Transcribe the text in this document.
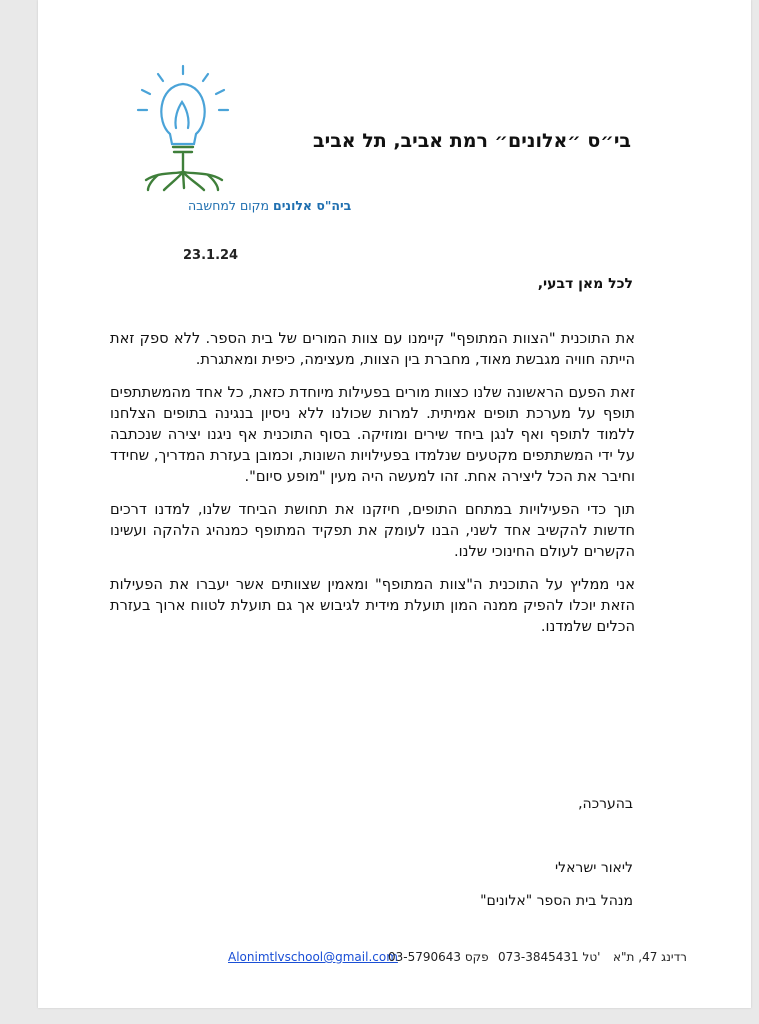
ביה"ס אלונים מקום למחשבה
בי״ס ״אלונים״ רמת אביב, תל אביב
23.1.24
לכל מאן דבעי,

את התוכנית "הצוות המתופף" קיימנו עם צוות המורים של בית הספר. ללא ספק זאת הייתה חוויה מגבשת מאוד, מחברת בין הצוות, מעצימה, כיפית ומאתגרת.

זאת הפעם הראשונה שלנו כצוות מורים בפעילות מיוחדת כזאת, כל אחד מהמשתתפים תופף על מערכת תופים אמיתית. למרות שכולנו ללא ניסיון בנגינה בתופים הצלחנו ללמוד לתופף ואף לנגן ביחד שירים ומוזיקה. בסוף התוכנית אף ניגנו יצירה שנכתבה על ידי המשתתפים מקטעים שנלמדו בפעילויות השונות, וכמובן בעזרת המדריך, שחידד וחיבר את הכל ליצירה אחת. זהו למעשה היה מעין "מופע סיום".

תוך כדי הפעילויות במתחם התופים, חיזקנו את תחושת הביחד שלנו, למדנו דרכים חדשות להקשיב אחד לשני, הבנו לעומק את תפקיד המתופף כמנהיג הלהקה ועשינו הקשרים לעולם החינוכי שלנו.

אני ממליץ על התוכנית ה"צוות המתופף" ומאמין שצוותים אשר יעברו את הפעילות הזאת יוכלו להפיק ממנה המון תועלת מידית לגיבוש אך גם תועלת לטווח ארוך בעזרת הכלים שלמדנו.

בהערכה,
ליאור ישראלי
מנהל בית הספר "אלונים"
Alonimtlvschool@gmail.com
03-5790643 פקס 073-3845431 טל' רדינג 47, ת"א
